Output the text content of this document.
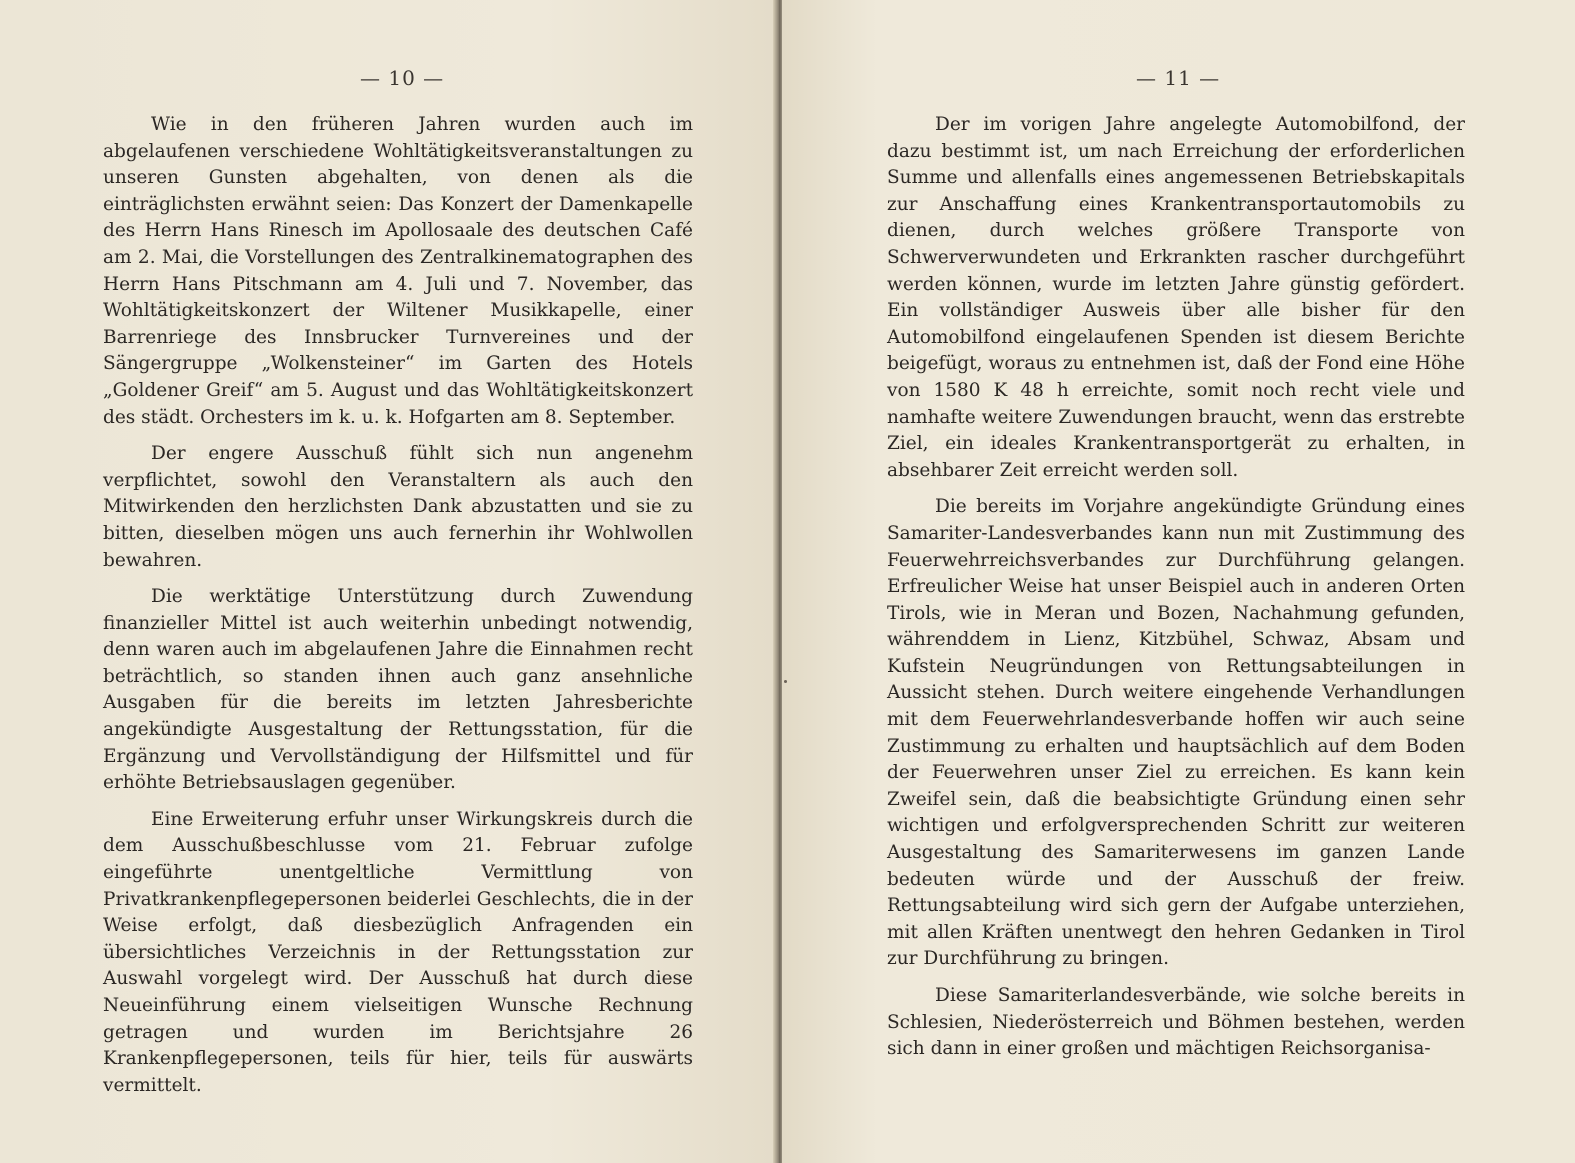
— 10 —

Wie in den früheren Jahren wurden auch im abgelaufenen verschiedene Wohltätigkeitsveranstaltungen zu unseren Gunsten abgehalten, von denen als die einträglichsten erwähnt seien: Das Konzert der Damenkapelle des Herrn Hans Rinesch im Apollosaale des deutschen Café am 2. Mai, die Vorstellungen des Zentralkinematographen des Herrn Hans Pitschmann am 4. Juli und 7. November, das Wohltätigkeitskonzert der Wiltener Musikkapelle, einer Barrenriege des Innsbrucker Turnvereines und der Sängergruppe „Wolkensteiner“ im Garten des Hotels „Goldener Greif“ am 5. August und das Wohltätigkeitskonzert des städt. Orchesters im k. u. k. Hofgarten am 8. September.

Der engere Ausschuß fühlt sich nun angenehm verpflichtet, sowohl den Veranstaltern als auch den Mitwirkenden den herzlichsten Dank abzustatten und sie zu bitten, dieselben mögen uns auch fernerhin ihr Wohlwollen bewahren.

Die werktätige Unterstützung durch Zuwendung finanzieller Mittel ist auch weiterhin unbedingt notwendig, denn waren auch im abgelaufenen Jahre die Einnahmen recht beträchtlich, so standen ihnen auch ganz ansehnliche Ausgaben für die bereits im letzten Jahresberichte angekündigte Ausgestaltung der Rettungsstation, für die Ergänzung und Vervollständigung der Hilfsmittel und für erhöhte Betriebsauslagen gegenüber.

Eine Erweiterung erfuhr unser Wirkungskreis durch die dem Ausschußbeschlusse vom 21. Februar zufolge eingeführte unentgeltliche Vermittlung von Privatkrankenpflegepersonen beiderlei Geschlechts, die in der Weise erfolgt, daß diesbezüglich Anfragenden ein übersichtliches Verzeichnis in der Rettungsstation zur Auswahl vorgelegt wird. Der Ausschuß hat durch diese Neueinführung einem vielseitigen Wunsche Rechnung getragen und wurden im Berichtsjahre 26 Krankenpflegepersonen, teils für hier, teils für auswärts vermittelt.

— 11 —

Der im vorigen Jahre angelegte Automobilfond, der dazu bestimmt ist, um nach Erreichung der erforderlichen Summe und allenfalls eines angemessenen Betriebskapitals zur Anschaffung eines Krankentransportautomobils zu dienen, durch welches größere Transporte von Schwerverwundeten und Erkrankten rascher durchgeführt werden können, wurde im letzten Jahre günstig gefördert. Ein vollständiger Ausweis über alle bisher für den Automobilfond eingelaufenen Spenden ist diesem Berichte beigefügt, woraus zu entnehmen ist, daß der Fond eine Höhe von 1580 K 48 h erreichte, somit noch recht viele und namhafte weitere Zuwendungen braucht, wenn das erstrebte Ziel, ein ideales Krankentransportgerät zu erhalten, in absehbarer Zeit erreicht werden soll.

Die bereits im Vorjahre angekündigte Gründung eines Samariter-Landesverbandes kann nun mit Zustimmung des Feuerwehrreichsverbandes zur Durchführung gelangen. Erfreulicher Weise hat unser Beispiel auch in anderen Orten Tirols, wie in Meran und Bozen, Nachahmung gefunden, währenddem in Lienz, Kitzbühel, Schwaz, Absam und Kufstein Neugründungen von Rettungsabteilungen in Aussicht stehen. Durch weitere eingehende Verhandlungen mit dem Feuerwehrlandesverbande hoffen wir auch seine Zustimmung zu erhalten und hauptsächlich auf dem Boden der Feuerwehren unser Ziel zu erreichen. Es kann kein Zweifel sein, daß die beabsichtigte Gründung einen sehr wichtigen und erfolgversprechenden Schritt zur weiteren Ausgestaltung des Samariterwesens im ganzen Lande bedeuten würde und der Ausschuß der freiw. Rettungsabteilung wird sich gern der Aufgabe unterziehen, mit allen Kräften unentwegt den hehren Gedanken in Tirol zur Durchführung zu bringen.

Diese Samariterlandesverbände, wie solche bereits in Schlesien, Niederösterreich und Böhmen bestehen, werden sich dann in einer großen und mächtigen Reichsorganisa-
